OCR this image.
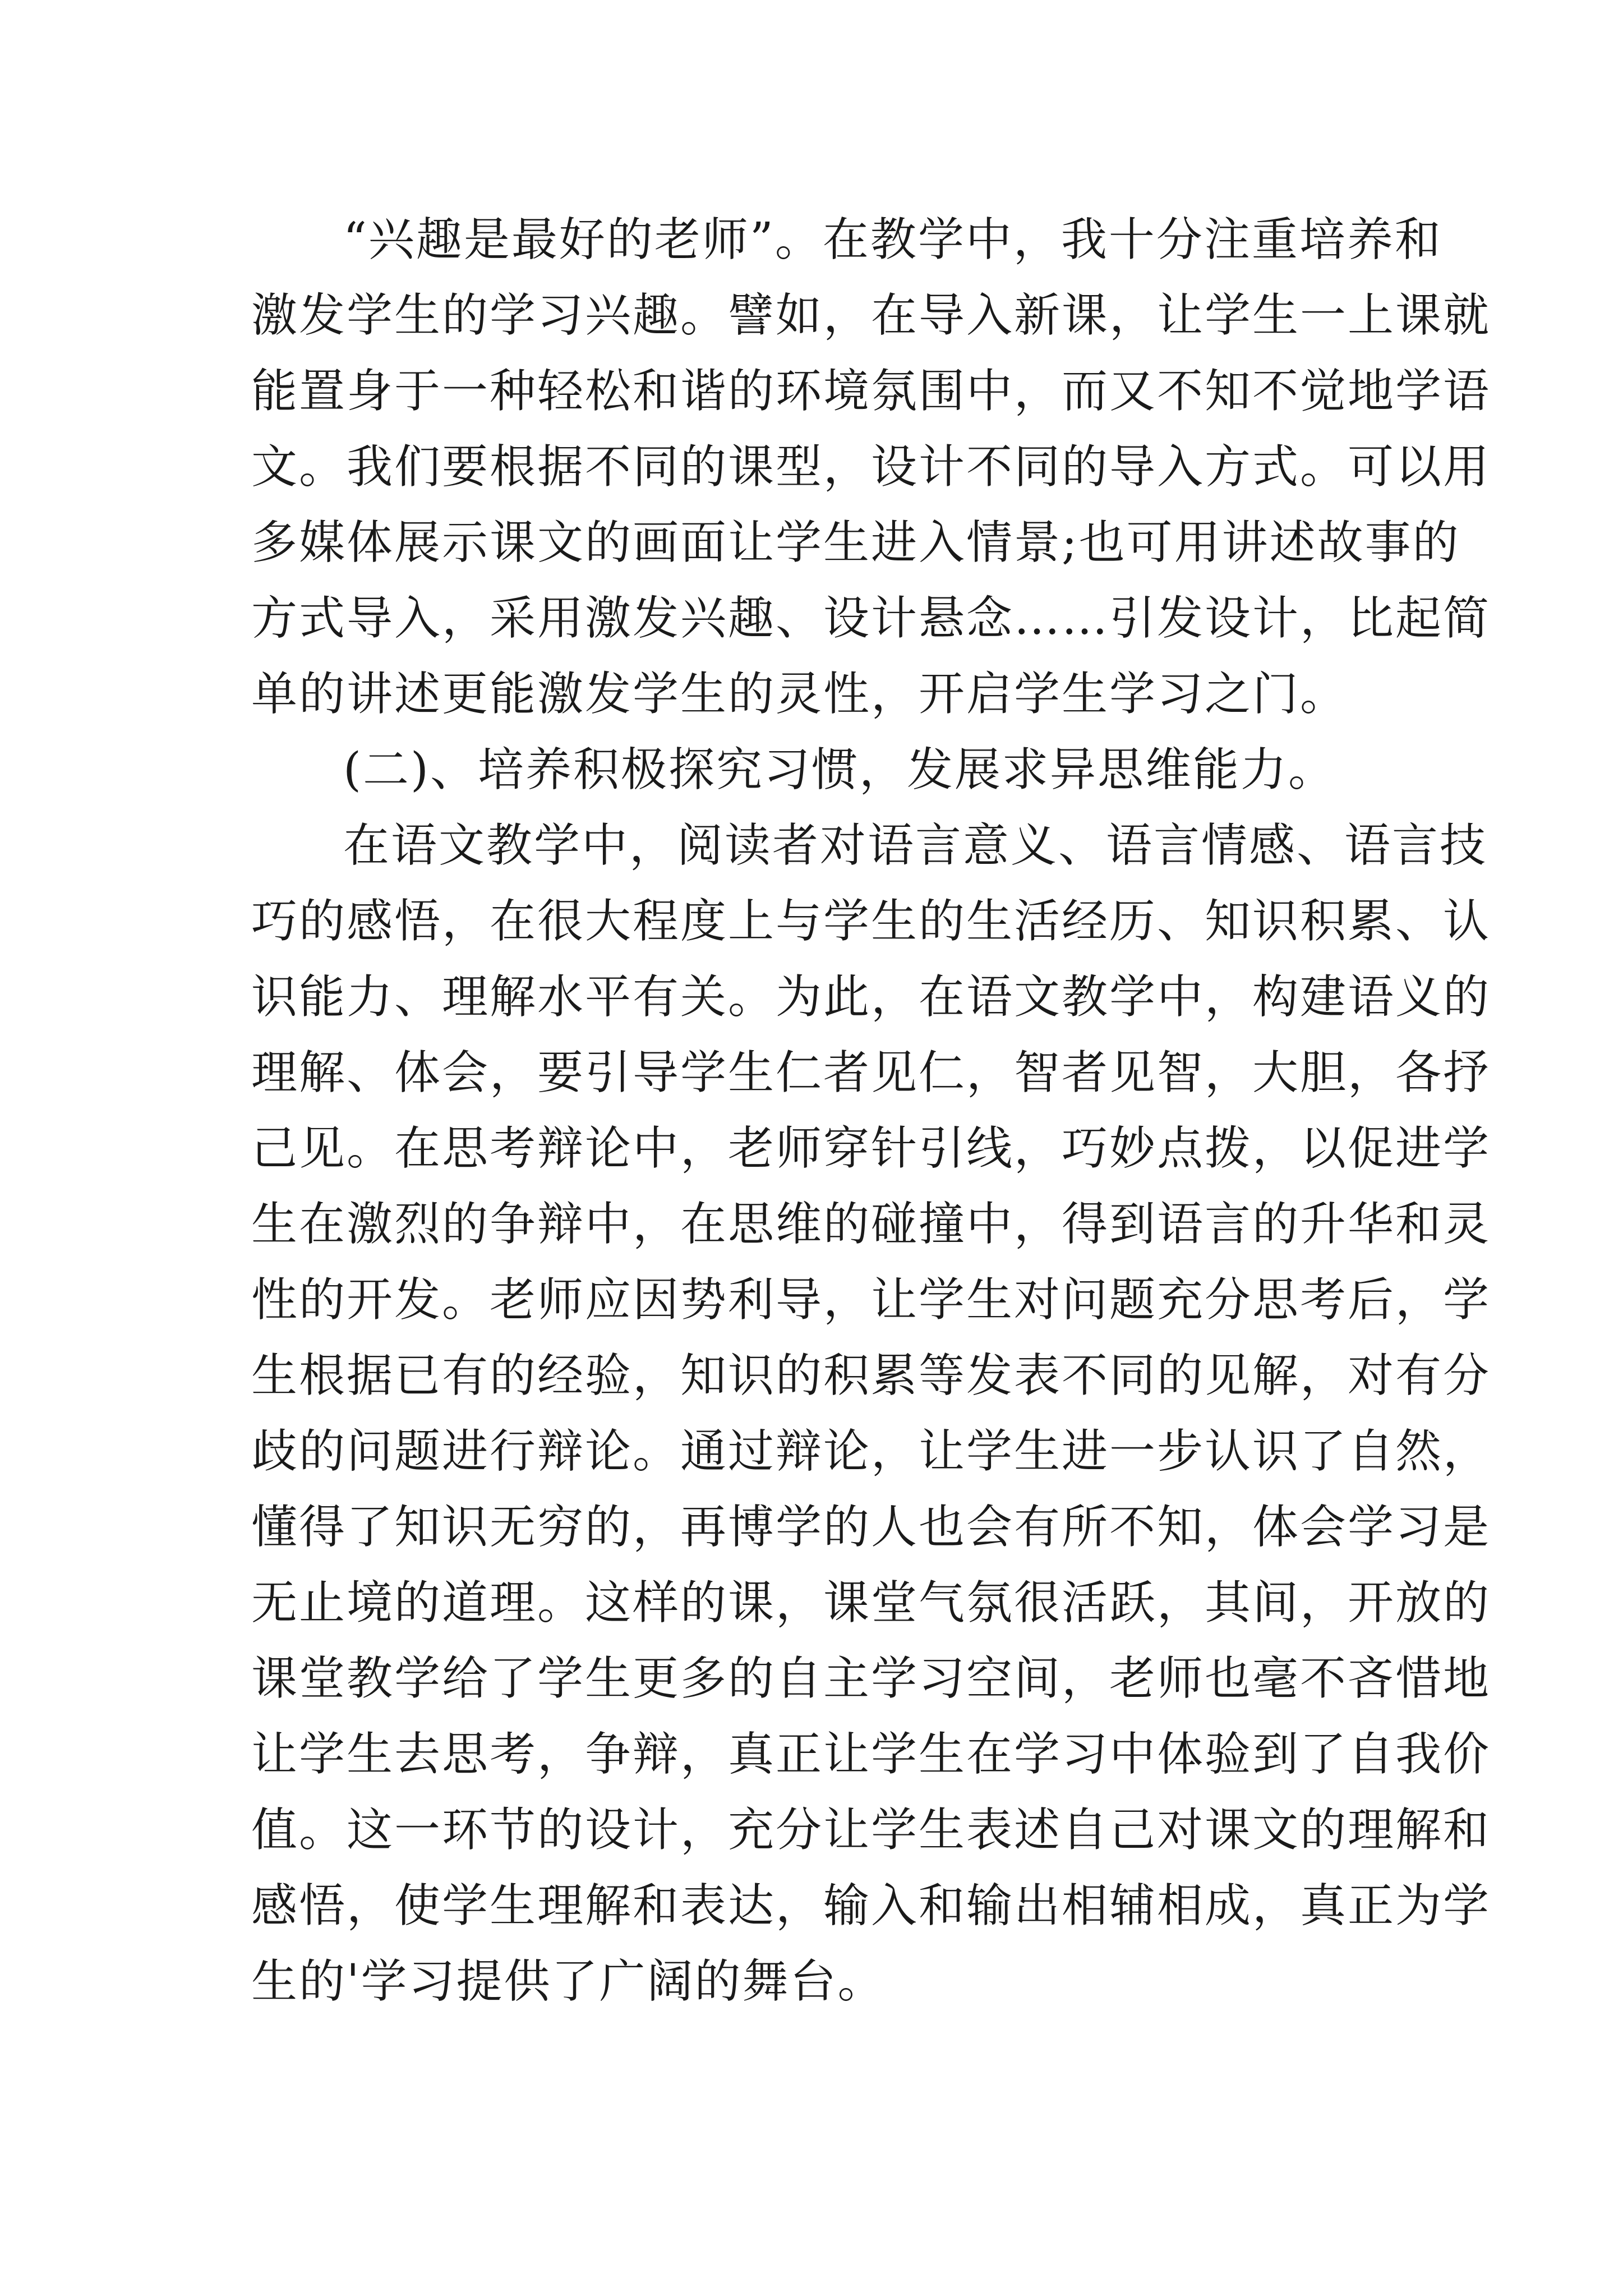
“兴趣是最好的老师”。在教学中，我十分注重培养和
激发学生的学习兴趣。譬如，在导入新课，让学生一上课就
能置身于一种轻松和谐的环境氛围中，而又不知不觉地学语
文。我们要根据不同的课型，设计不同的导入方式。可以用
多媒体展示课文的画面让学生进入情景;也可用讲述故事的
方式导入，采用激发兴趣、设计悬念……引发设计，比起简
单的讲述更能激发学生的灵性，开启学生学习之门。
(二)、培养积极探究习惯，发展求异思维能力。
在语文教学中，阅读者对语言意义、语言情感、语言技
巧的感悟，在很大程度上与学生的生活经历、知识积累、认
识能力、理解水平有关。为此，在语文教学中，构建语义的
理解、体会，要引导学生仁者见仁，智者见智，大胆，各抒
己见。在思考辩论中，老师穿针引线，巧妙点拨，以促进学
生在激烈的争辩中，在思维的碰撞中，得到语言的升华和灵
性的开发。老师应因势利导，让学生对问题充分思考后，学
生根据已有的经验，知识的积累等发表不同的见解，对有分
歧的问题进行辩论。通过辩论，让学生进一步认识了自然，
懂得了知识无穷的，再博学的人也会有所不知，体会学习是
无止境的道理。这样的课，课堂气氛很活跃，其间，开放的
课堂教学给了学生更多的自主学习空间，老师也毫不吝惜地
让学生去思考，争辩，真正让学生在学习中体验到了自我价
值。这一环节的设计，充分让学生表述自己对课文的理解和
感悟，使学生理解和表达，输入和输出相辅相成，真正为学
生的'学习提供了广阔的舞台。
